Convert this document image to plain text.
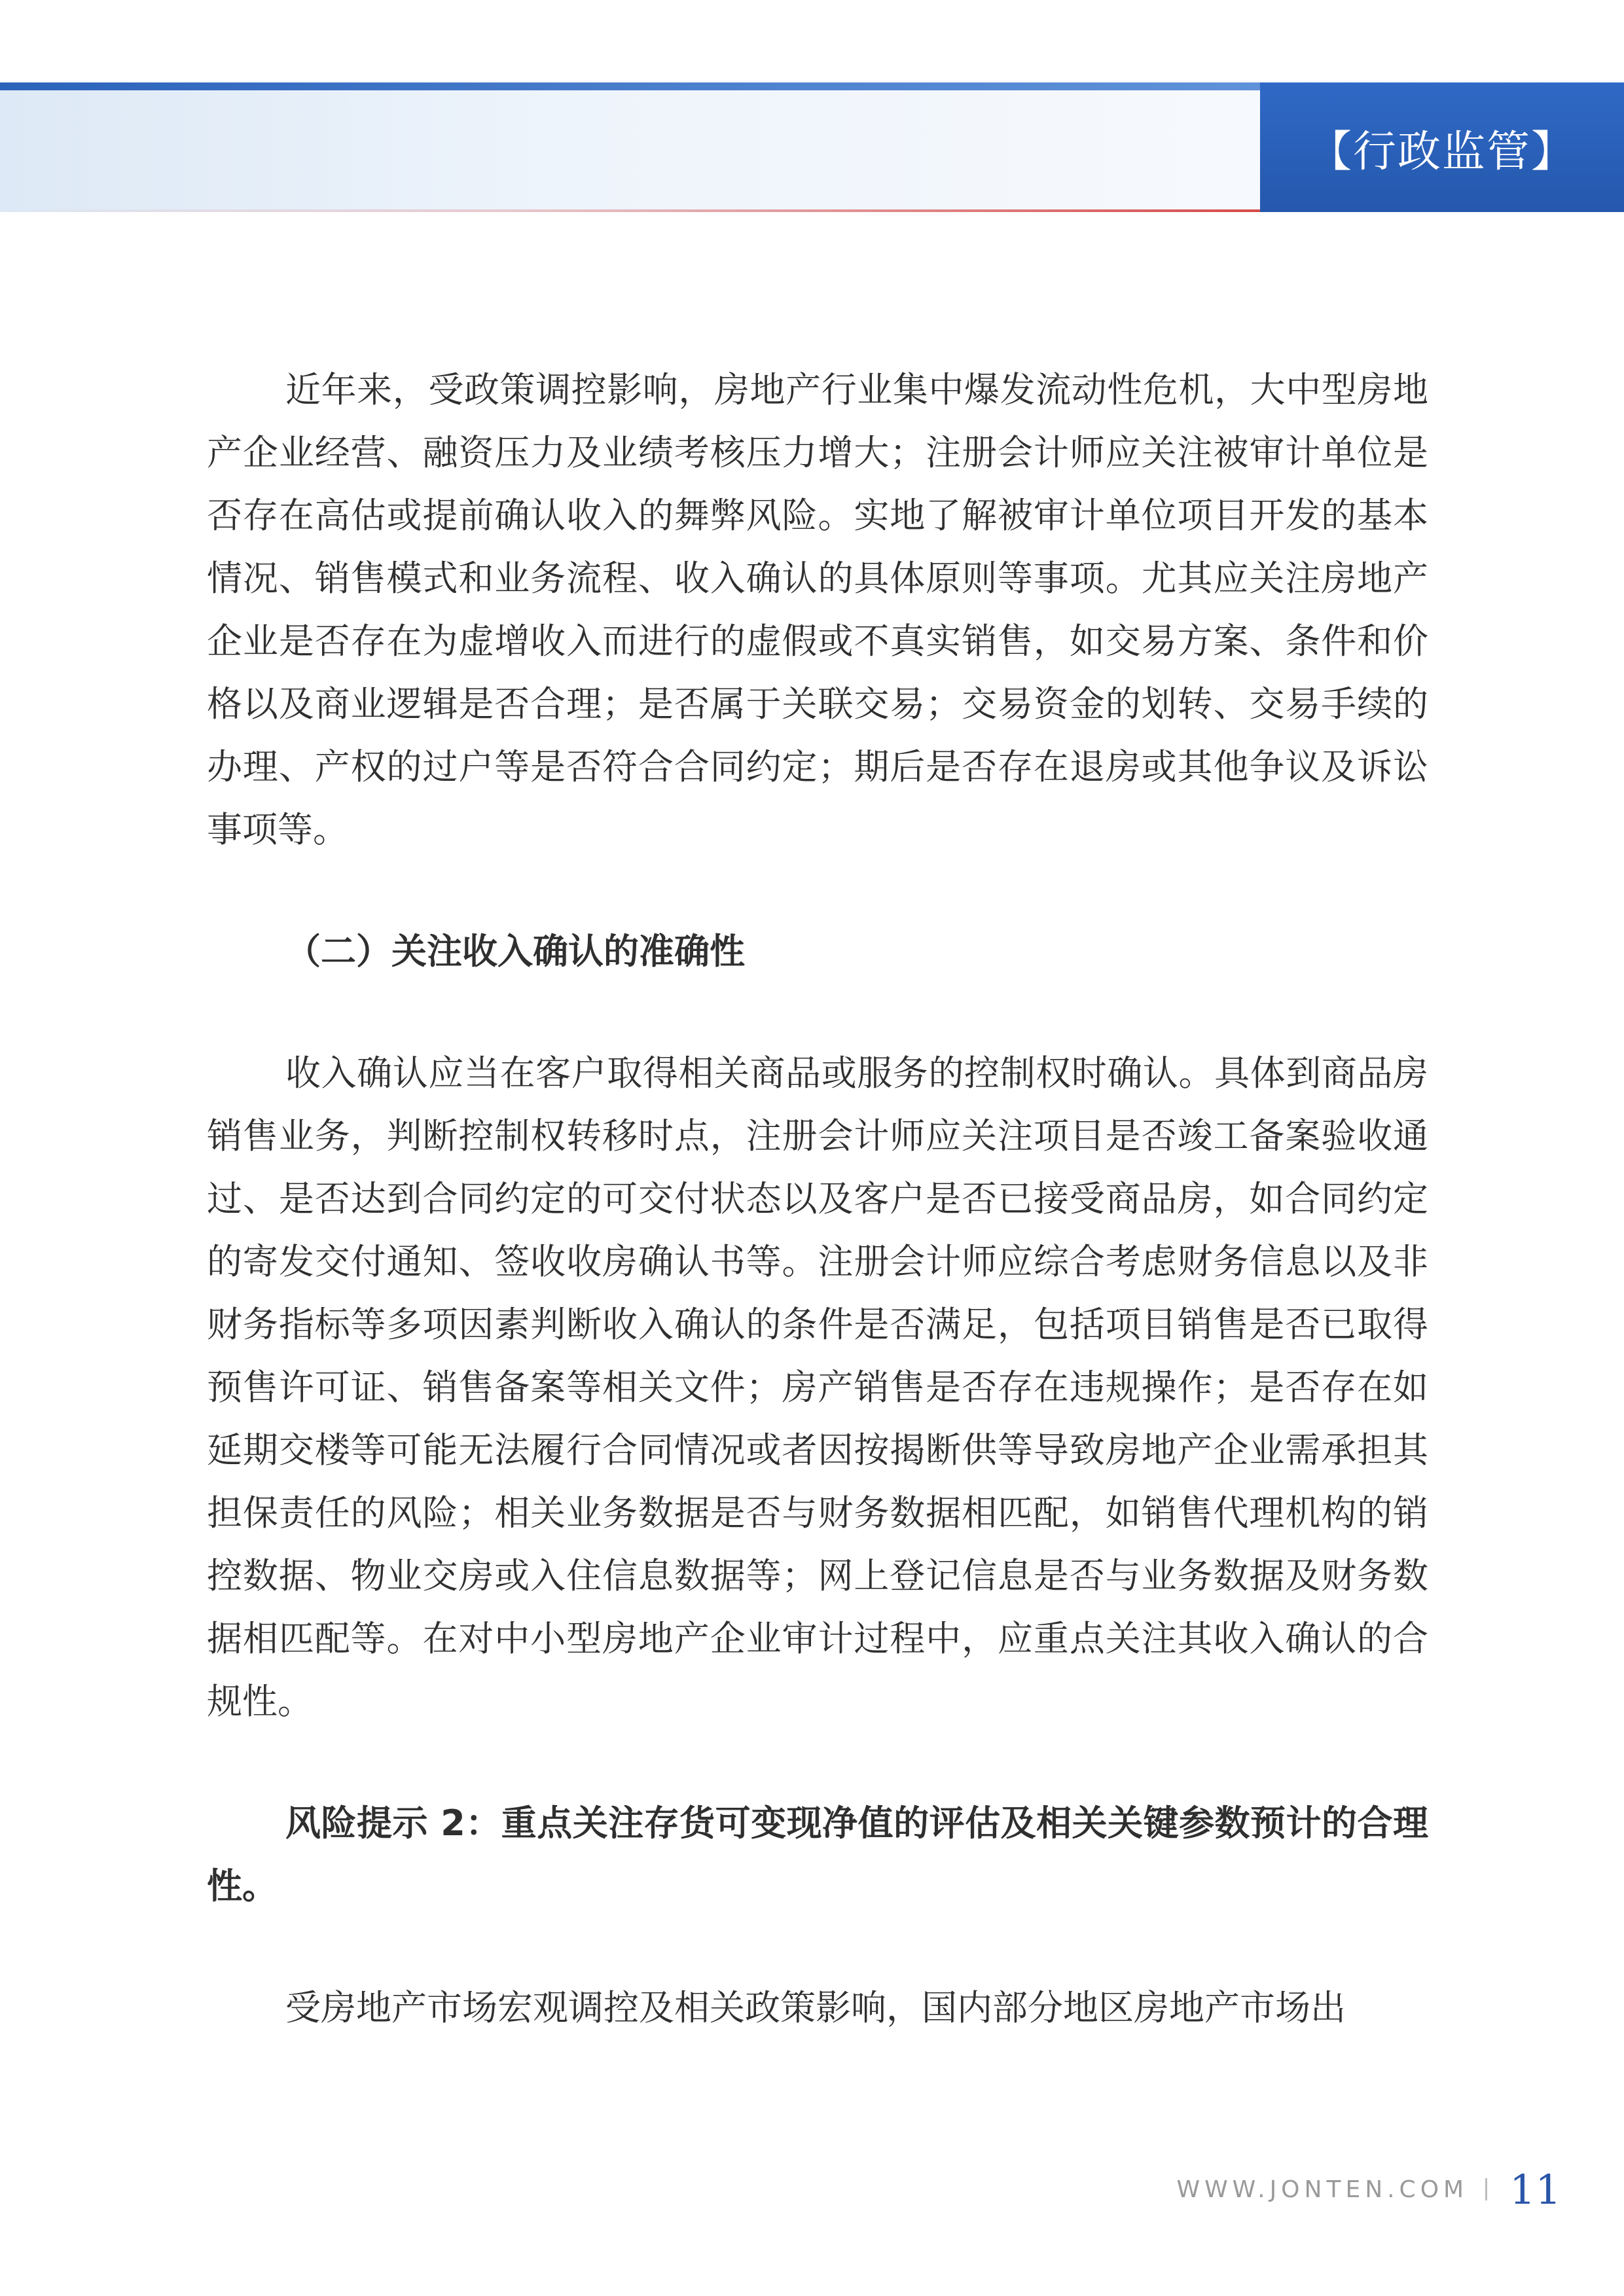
【行政监管】

近年来，受政策调控影响，房地产行业集中爆发流动性危机，大中型房地产企业经营、融资压力及业绩考核压力增大；注册会计师应关注被审计单位是否存在高估或提前确认收入的舞弊风险。实地了解被审计单位项目开发的基本情况、销售模式和业务流程、收入确认的具体原则等事项。尤其应关注房地产企业是否存在为虚增收入而进行的虚假或不真实销售，如交易方案、条件和价格以及商业逻辑是否合理；是否属于关联交易；交易资金的划转、交易手续的办理、产权的过户等是否符合合同约定；期后是否存在退房或其他争议及诉讼事项等。

（二）关注收入确认的准确性

收入确认应当在客户取得相关商品或服务的控制权时确认。具体到商品房销售业务，判断控制权转移时点，注册会计师应关注项目是否竣工备案验收通过、是否达到合同约定的可交付状态以及客户是否已接受商品房，如合同约定的寄发交付通知、签收收房确认书等。注册会计师应综合考虑财务信息以及非财务指标等多项因素判断收入确认的条件是否满足，包括项目销售是否已取得预售许可证、销售备案等相关文件；房产销售是否存在违规操作；是否存在如延期交楼等可能无法履行合同情况或者因按揭断供等导致房地产企业需承担其担保责任的风险；相关业务数据是否与财务数据相匹配，如销售代理机构的销控数据、物业交房或入住信息数据等；网上登记信息是否与业务数据及财务数据相匹配等。在对中小型房地产企业审计过程中，应重点关注其收入确认的合规性。

风险提示 2：重点关注存货可变现净值的评估及相关关键参数预计的合理性。

受房地产市场宏观调控及相关政策影响，国内部分地区房地产市场出

WWW.JONTEN.COM 11
